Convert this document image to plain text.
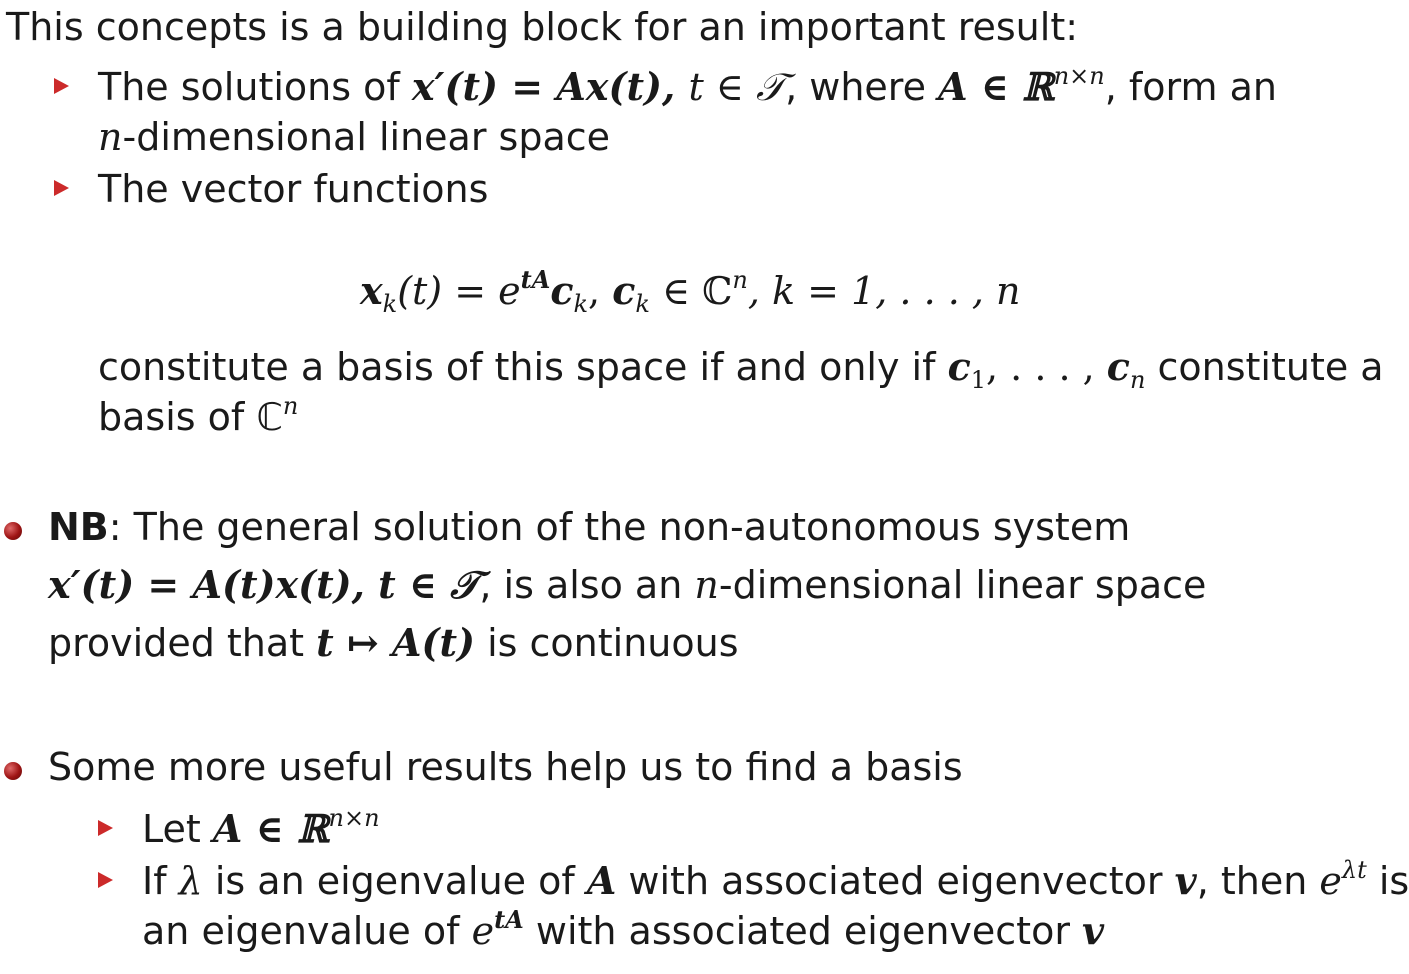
This concepts is a building block for an important result:
The solutions of x′(t) = Ax(t), t ∈ 𝒯, where A ∈ ℝ$^{n\times n}$, form an
n-dimensional linear space
The vector functions
$x_k(t) = e^{tA}c_k$, $c_k$ ∈ ℂ$^n$, k = 1, . . . , n
constitute a basis of this space if and only if $c_1$, . . . , $c_n$ constitute a
basis of ℂ$^n$
NB: The general solution of the non-autonomous system
x′(t) = A(t)x(t), t ∈ 𝒯, is also an n-dimensional linear space
provided that t ↦ A(t) is continuous
Some more useful results help us to find a basis
Let A ∈ ℝ$^{n\times n}$
If λ is an eigenvalue of A with associated eigenvector v, then $e^{\lambda t}$ is
an eigenvalue of $e^{tA}$ with associated eigenvector v
